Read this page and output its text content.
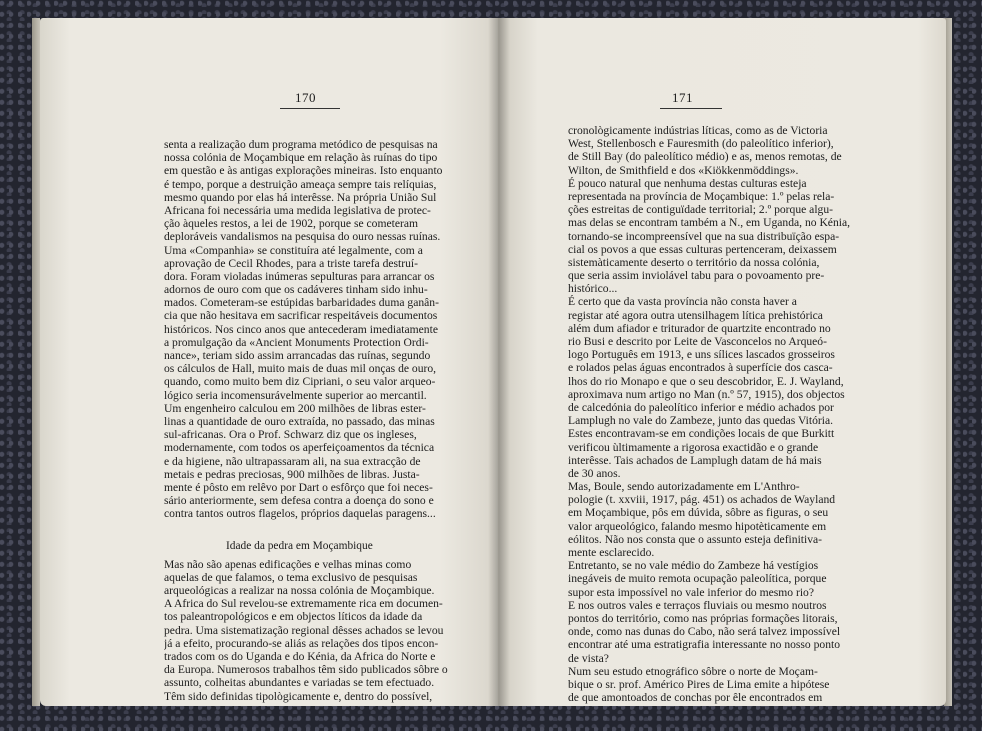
170
senta a realização dum programa metódico de pesquisas na
nossa colónia de Moçambique em relação às ruínas do tipo
em questão e às antigas explorações mineiras. Isto enquanto
é tempo, porque a destruição ameaça sempre tais relíquias,
mesmo quando por elas há interêsse. Na própria União Sul
Africana foi necessária uma medida legislativa de protec-
ção àqueles restos, a lei de 1902, porque se cometeram
deploráveis vandalismos na pesquisa do ouro nessas ruínas.
Uma «Companhia» se constituíra até legalmente, com a
aprovação de Cecil Rhodes, para a triste tarefa destruí-
dora. Foram violadas inúmeras sepulturas para arrancar os
adornos de ouro com que os cadáveres tinham sido inhu-
mados. Cometeram-se estúpidas barbaridades duma ganân-
cia que não hesitava em sacrificar respeitáveis documentos
históricos. Nos cinco anos que antecederam imediatamente
a promulgação da «Ancient Monuments Protection Ordi-
nance», teriam sido assim arrancadas das ruínas, segundo
os cálculos de Hall, muito mais de duas mil onças de ouro,
quando, como muito bem diz Cipriani, o seu valor arqueo-
lógico seria incomensurávelmente superior ao mercantil.
Um engenheiro calculou em 200 milhões de libras ester-
linas a quantidade de ouro extraída, no passado, das minas
sul-africanas. Ora o Prof. Schwarz diz que os ingleses,
modernamente, com todos os aperfeiçoamentos da técnica
e da higiene, não ultrapassaram ali, na sua extracção de
metais e pedras preciosas, 900 milhões de libras. Justa-
mente é pôsto em relêvo por Dart o esfôrço que foi neces-
sário anteriormente, sem defesa contra a doença do sono e
contra tantos outros flagelos, próprios daquelas paragens...
Idade da pedra em Moçambique
Mas não são apenas edificações e velhas minas como
aquelas de que falamos, o tema exclusivo de pesquisas
arqueológicas a realizar na nossa colónia de Moçambique.
A Africa do Sul revelou-se extremamente rica em documen-
tos paleantropológicos e em objectos líticos da idade da
pedra. Uma sistematização regional dêsses achados se levou
já a efeito, procurando-se aliás as relações dos tipos encon-
trados com os do Uganda e do Kénia, da Africa do Norte e
da Europa. Numerosos trabalhos têm sido publicados sôbre o
assunto, colheitas abundantes e variadas se tem efectuado.
Têm sido definidas tipològicamente e, dentro do possível,
171
cronològicamente indústrias líticas, como as de Victoria
West, Stellenbosch e Fauresmith (do paleolítico inferior),
de Still Bay (do paleolítico médio) e as, menos remotas, de
Wilton, de Smithfield e dos «Kiökkenmöddings».
É pouco natural que nenhuma destas culturas esteja
representada na província de Moçambique: 1.º pelas rela-
ções estreitas de contiguïdade territorial; 2.º porque algu-
mas delas se encontram também a N., em Uganda, no Kénia,
tornando-se incompreensível que na sua distribuïção espa-
cial os povos a que essas culturas pertenceram, deixassem
sistemàticamente deserto o território da nossa colónia,
que seria assim inviolável tabu para o povoamento pre-
histórico...
É certo que da vasta província não consta haver a
registar até agora outra utensilhagem lítica prehistórica
além dum afiador e triturador de quartzite encontrado no
rio Busi e descrito por Leite de Vasconcelos no Arqueó-
logo Português em 1913, e uns sílices lascados grosseiros
e rolados pelas águas encontrados à superfície dos casca-
lhos do rio Monapo e que o seu descobridor, E. J. Wayland,
aproximava num artigo no Man (n.º 57, 1915), dos objectos
de calcedónia do paleolítico inferior e médio achados por
Lamplugh no vale do Zambeze, junto das quedas Vitória.
Estes encontravam-se em condições locais de que Burkitt
verificou ùltimamente a rigorosa exactidão e o grande
interêsse. Tais achados de Lamplugh datam de há mais
de 30 anos.
Mas, Boule, sendo autorizadamente em L'Anthro-
pologie (t. xxviii, 1917, pág. 451) os achados de Wayland
em Moçambique, pôs em dúvida, sôbre as figuras, o seu
valor arqueológico, falando mesmo hipotèticamente em
eólitos. Não nos consta que o assunto esteja definitiva-
mente esclarecido.
Entretanto, se no vale médio do Zambeze há vestígios
inegáveis de muito remota ocupação paleolítica, porque
supor esta impossível no vale inferior do mesmo rio?
E nos outros vales e terraços fluviais ou mesmo noutros
pontos do território, como nas próprias formações litorais,
onde, como nas dunas do Cabo, não será talvez impossível
encontrar até uma estratigrafia interessante no nosso ponto
de vista?
Num seu estudo etnográfico sôbre o norte de Moçam-
bique o sr. prof. Américo Pires de Lima emite a hipótese
de que amontoados de conchas por êle encontrados em
